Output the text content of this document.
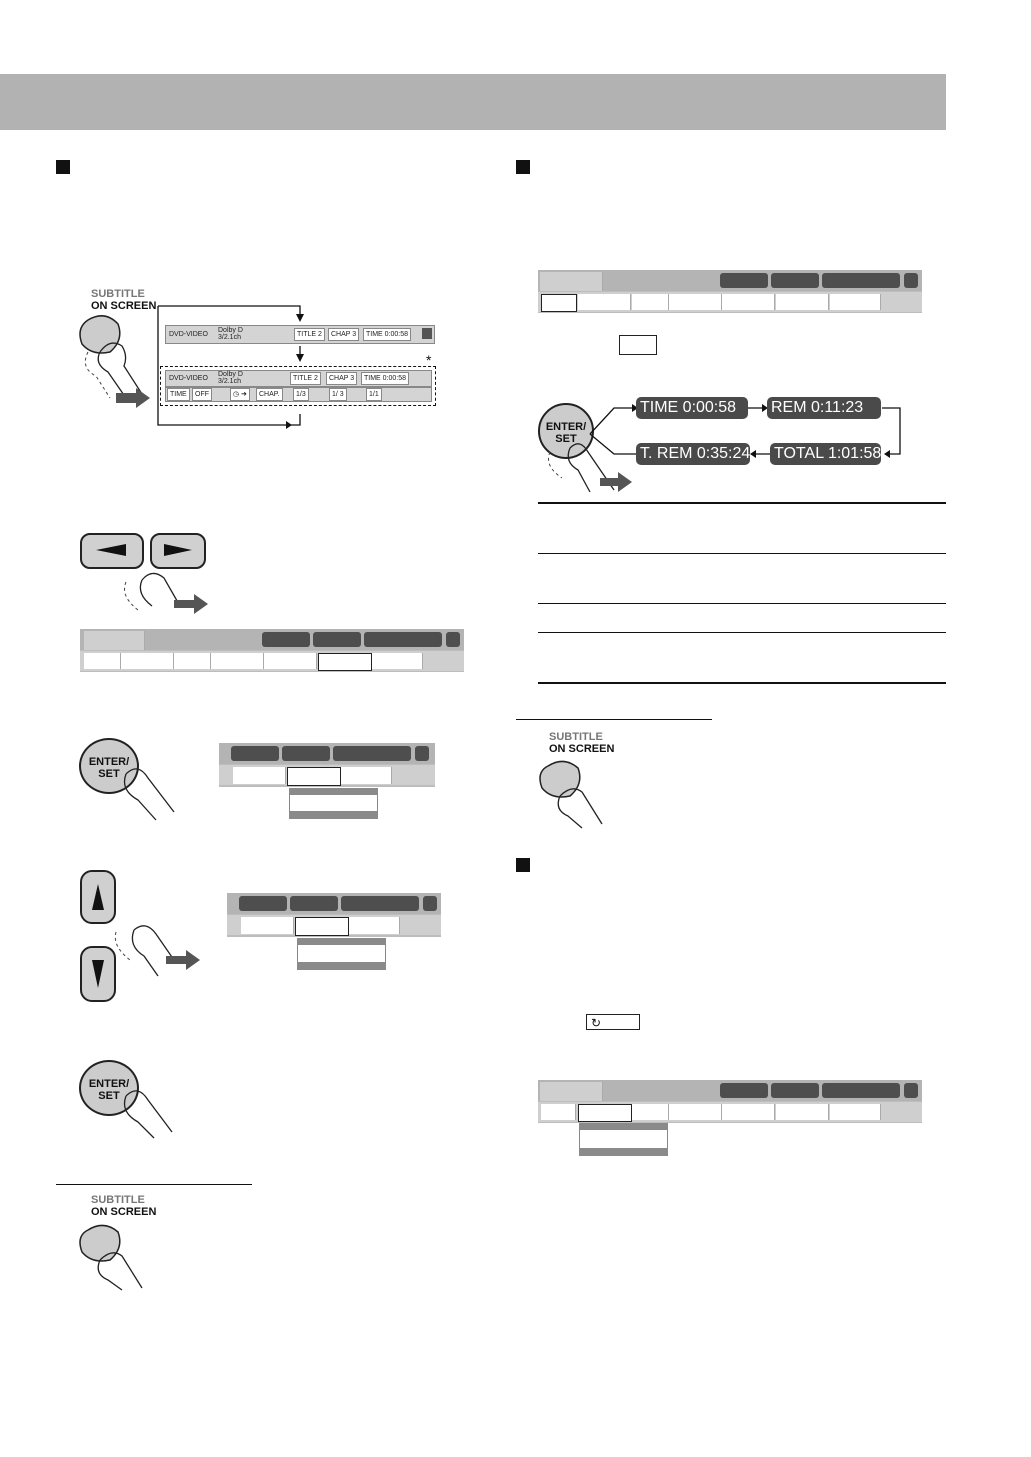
SUBTITLE
ON SCREEN
DVD-VIDEO
Dolby D
3/2.1ch	TITLE 2	CHAP 3	TIME 0:00:58
*
DVD-VIDEO
Dolby D
3/2.1ch	TITLE 2	CHAP 3	TIME 0:00:58
TIME	OFF	◷ ➜	CHAP.	1/3	1/ 3	1/1
ENTER/
SET
ENTER/
SET
SUBTITLE
ON SCREEN
ENTER/
SET
TIME 0:00:58	REM 0:11:23
T. REM 0:35:24 TOTAL 1:01:58
SUBTITLE
ON SCREEN
↻
